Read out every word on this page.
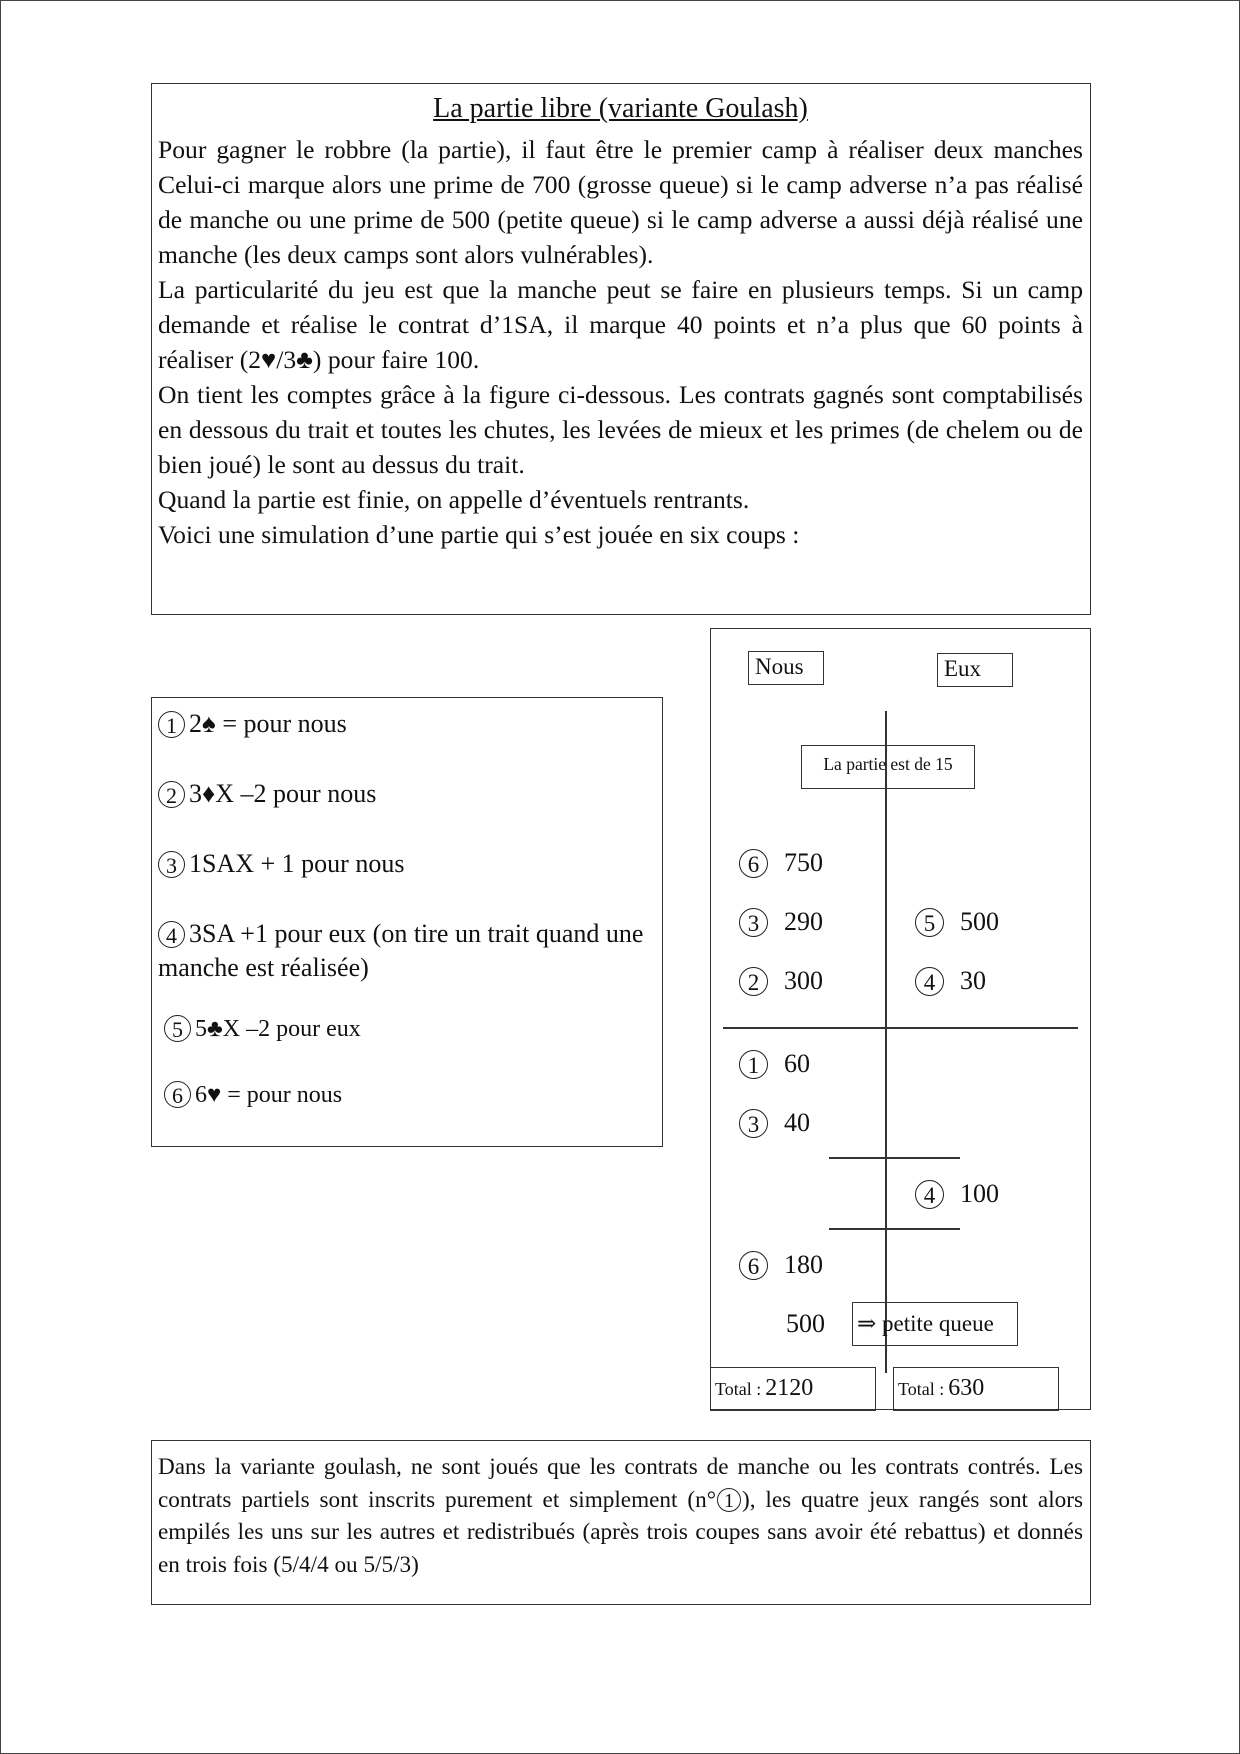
La partie libre (variante Goulash)

Pour gagner le robbre (la partie), il faut être le premier camp à réaliser deux manches Celui-ci marque alors une prime de 700 (grosse queue) si le camp adverse n’a pas réalisé de manche ou une prime de 500 (petite queue) si le camp adverse a aussi déjà réalisé une manche (les deux camps sont alors vulnérables).

La particularité du jeu est que la manche peut se faire en plusieurs temps. Si un camp demande et réalise le contrat d’1SA, il marque 40 points et n’a plus que 60 points à réaliser (2♥/3♣) pour faire 100.

On tient les comptes grâce à la figure ci-dessous. Les contrats gagnés sont comptabilisés en dessous du trait et toutes les chutes, les levées de mieux et les primes (de chelem ou de bien joué) le sont au dessus du trait.

Quand la partie est finie, on appelle d’éventuels rentrants.

Voici une simulation d’une partie qui s’est jouée en six coups :

1 2♠ = pour nous
2 3♦X –2 pour nous
3 1SAX + 1 pour nous
4 3SA +1 pour eux (on tire un trait quand une manche est réalisée)
5 5♣X –2 pour eux
6 6♥ = pour nous
Nous	Eux
La partie est de 15
6 750
3 290
2 300
5 500
4 30
1 60
3 40
4 100
6 180
500 ⇒ petite queue
Total : 2120	Total : 630

Dans la variante goulash, ne sont joués que les contrats de manche ou les contrats contrés. Les contrats partiels sont inscrits purement et simplement (n° 1 ), les quatre jeux rangés sont alors empilés les uns sur les autres et redistribués (après trois coupes sans avoir été rebattus) et donnés en trois fois (5/4/4 ou 5/5/3)
